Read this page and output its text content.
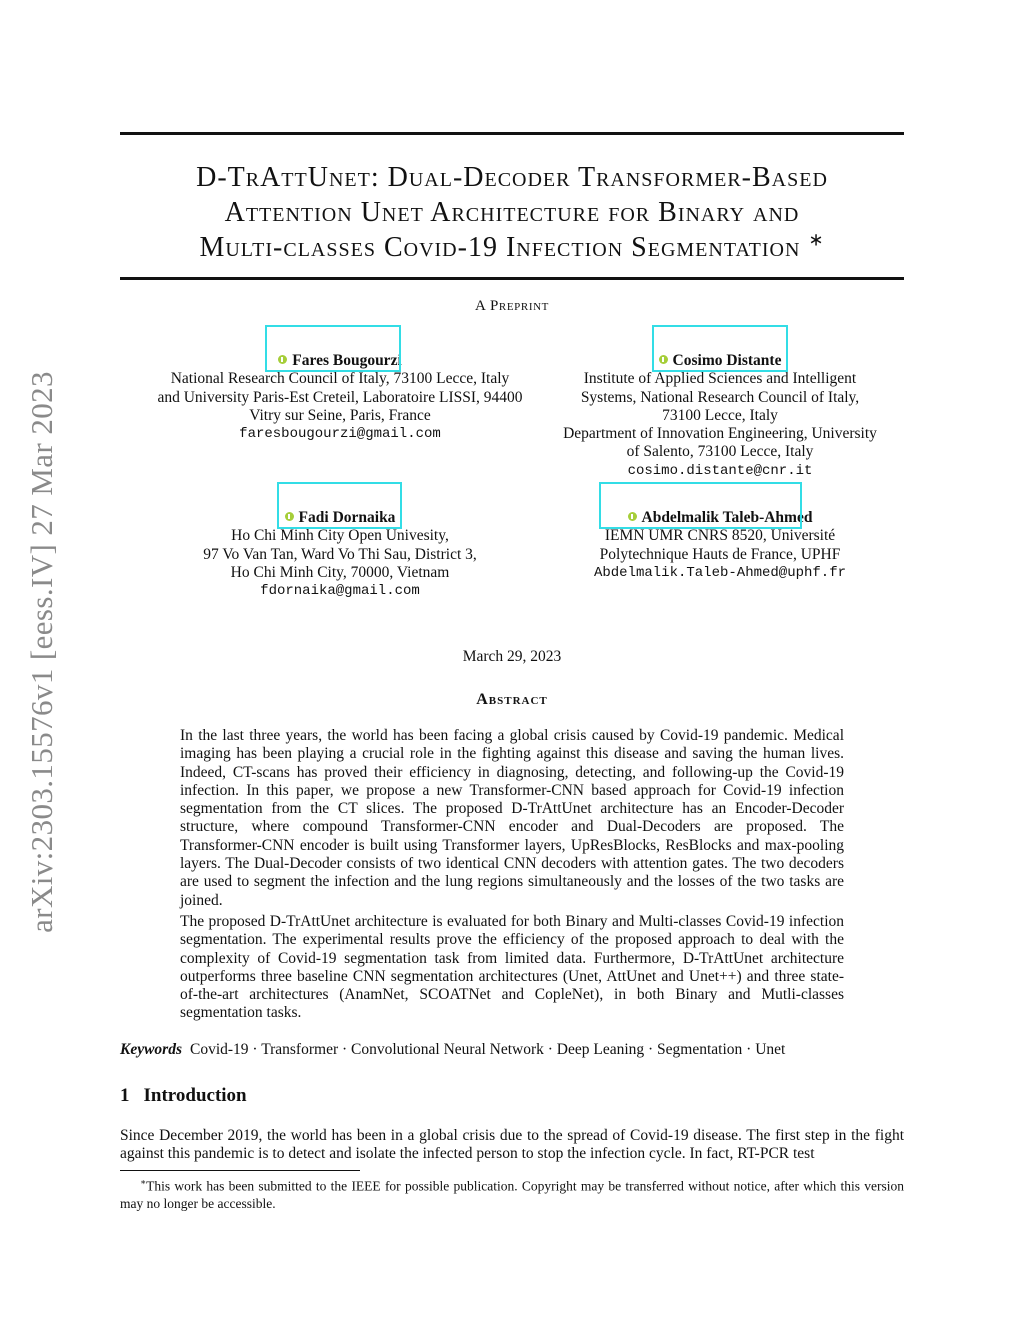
arXiv:2303.15576v1 [eess.IV] 27 Mar 2023
D-TrAttUnet: Dual-Decoder Transformer-Based
Attention Unet Architecture for Binary and
Multi-classes Covid-19 Infection Segmentation ∗
A Preprint
Fares Bougourzi
National Research Council of Italy, 73100 Lecce, Italy
and University Paris-Est Creteil, Laboratoire LISSI, 94400
Vitry sur Seine, Paris, France
faresbougourzi@gmail.com
Cosimo Distante
Institute of Applied Sciences and Intelligent
Systems, National Research Council of Italy,
73100 Lecce, Italy
Department of Innovation Engineering, University
of Salento, 73100 Lecce, Italy
cosimo.distante@cnr.it
Fadi Dornaika
Ho Chi Minh City Open Univesity,
97 Vo Van Tan, Ward Vo Thi Sau, District 3,
Ho Chi Minh City, 70000, Vietnam
fdornaika@gmail.com
Abdelmalik Taleb-Ahmed
IEMN UMR CNRS 8520, Université
Polytechnique Hauts de France, UPHF
Abdelmalik.Taleb-Ahmed@uphf.fr
March 29, 2023
Abstract

In the last three years, the world has been facing a global crisis caused by Covid-19 pandemic. Medical imaging has been playing a crucial role in the fighting against this disease and saving the human lives. Indeed, CT-scans has proved their efficiency in diagnosing, detecting, and following-up the Covid-19 infection. In this paper, we propose a new Transformer-CNN based approach for Covid-19 infection segmentation from the CT slices. The proposed D-TrAttUnet architecture has an Encoder-Decoder structure, where compound Transformer-CNN encoder and Dual-Decoders are proposed. The Transformer-CNN encoder is built using Transformer layers, UpResBlocks, ResBlocks and max-pooling layers. The Dual-Decoder consists of two identical CNN decoders with attention gates. The two decoders are used to segment the infection and the lung regions simultaneously and the losses of the two tasks are joined.

The proposed D-TrAttUnet architecture is evaluated for both Binary and Multi-classes Covid-19 infection segmentation. The experimental results prove the efficiency of the proposed approach to deal with the complexity of Covid-19 segmentation task from limited data. Furthermore, D-TrAttUnet architecture outperforms three baseline CNN segmentation architectures (Unet, AttUnet and Unet++) and three state-of-the-art architectures (AnamNet, SCOATNet and CopleNet), in both Binary and Mutli-classes segmentation tasks.

Keywords Covid-19 · Transformer · Convolutional Neural Network · Deep Leaning · Segmentation · Unet
1 Introduction
Since December 2019, the world has been in a global crisis due to the spread of Covid-19 disease. The first step in the fight against this pandemic is to detect and isolate the infected person to stop the infection cycle. In fact, RT-PCR test
∗This work has been submitted to the IEEE for possible publication. Copyright may be transferred without notice, after which this version may no longer be accessible.
